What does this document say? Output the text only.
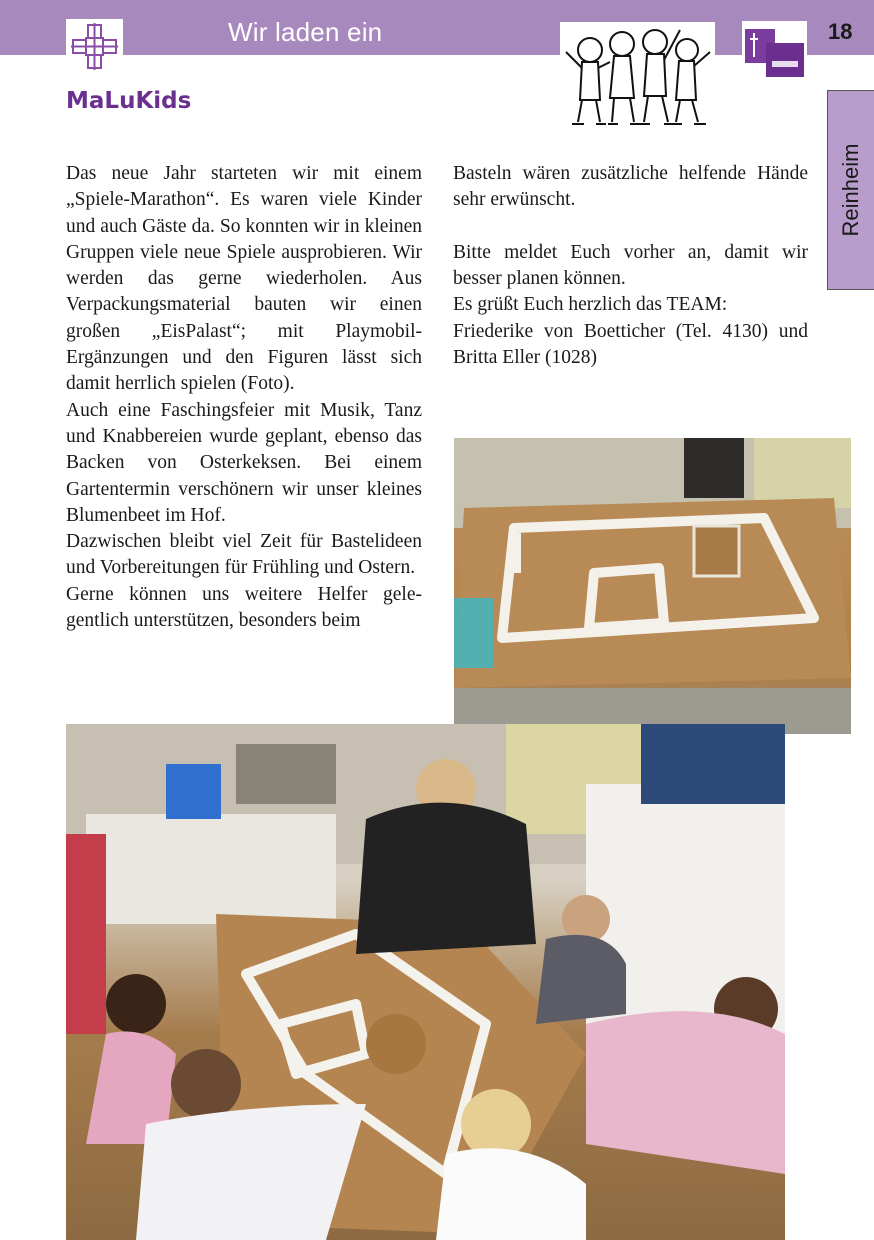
Wir laden ein	18
MaLuKids
Reinheim

Das neue Jahr starteten wir mit einem „Spiele-Marathon“. Es waren viele Kinder und auch Gäste da. So konnten wir in kleinen Gruppen viele neue Spiele ausprobieren. Wir werden das gerne wiederholen. Aus Verpackungsmaterial bauten wir einen großen „EisPalast“; mit Playmobil-Ergänzungen und den Figuren lässt sich damit herrlich spielen (Foto).

Auch eine Faschingsfeier mit Musik, Tanz und Knabbereien wurde geplant, ebenso das Backen von Osterkeksen. Bei einem Gartentermin verschönern wir unser kleines Blumenbeet im Hof.

Dazwischen bleibt viel Zeit für Bastelideen und Vorbereitungen für Frühling und Ostern.

Gerne können uns weitere Helfer gelegentlich unterstützen, besonders beim

Basteln wären zusätzliche helfende Hände sehr erwünscht.

Bitte meldet Euch vorher an, damit wir besser planen können.

Es grüßt Euch herzlich das TEAM:

Friederike von Boetticher (Tel. 4130) und Britta Eller (1028)
